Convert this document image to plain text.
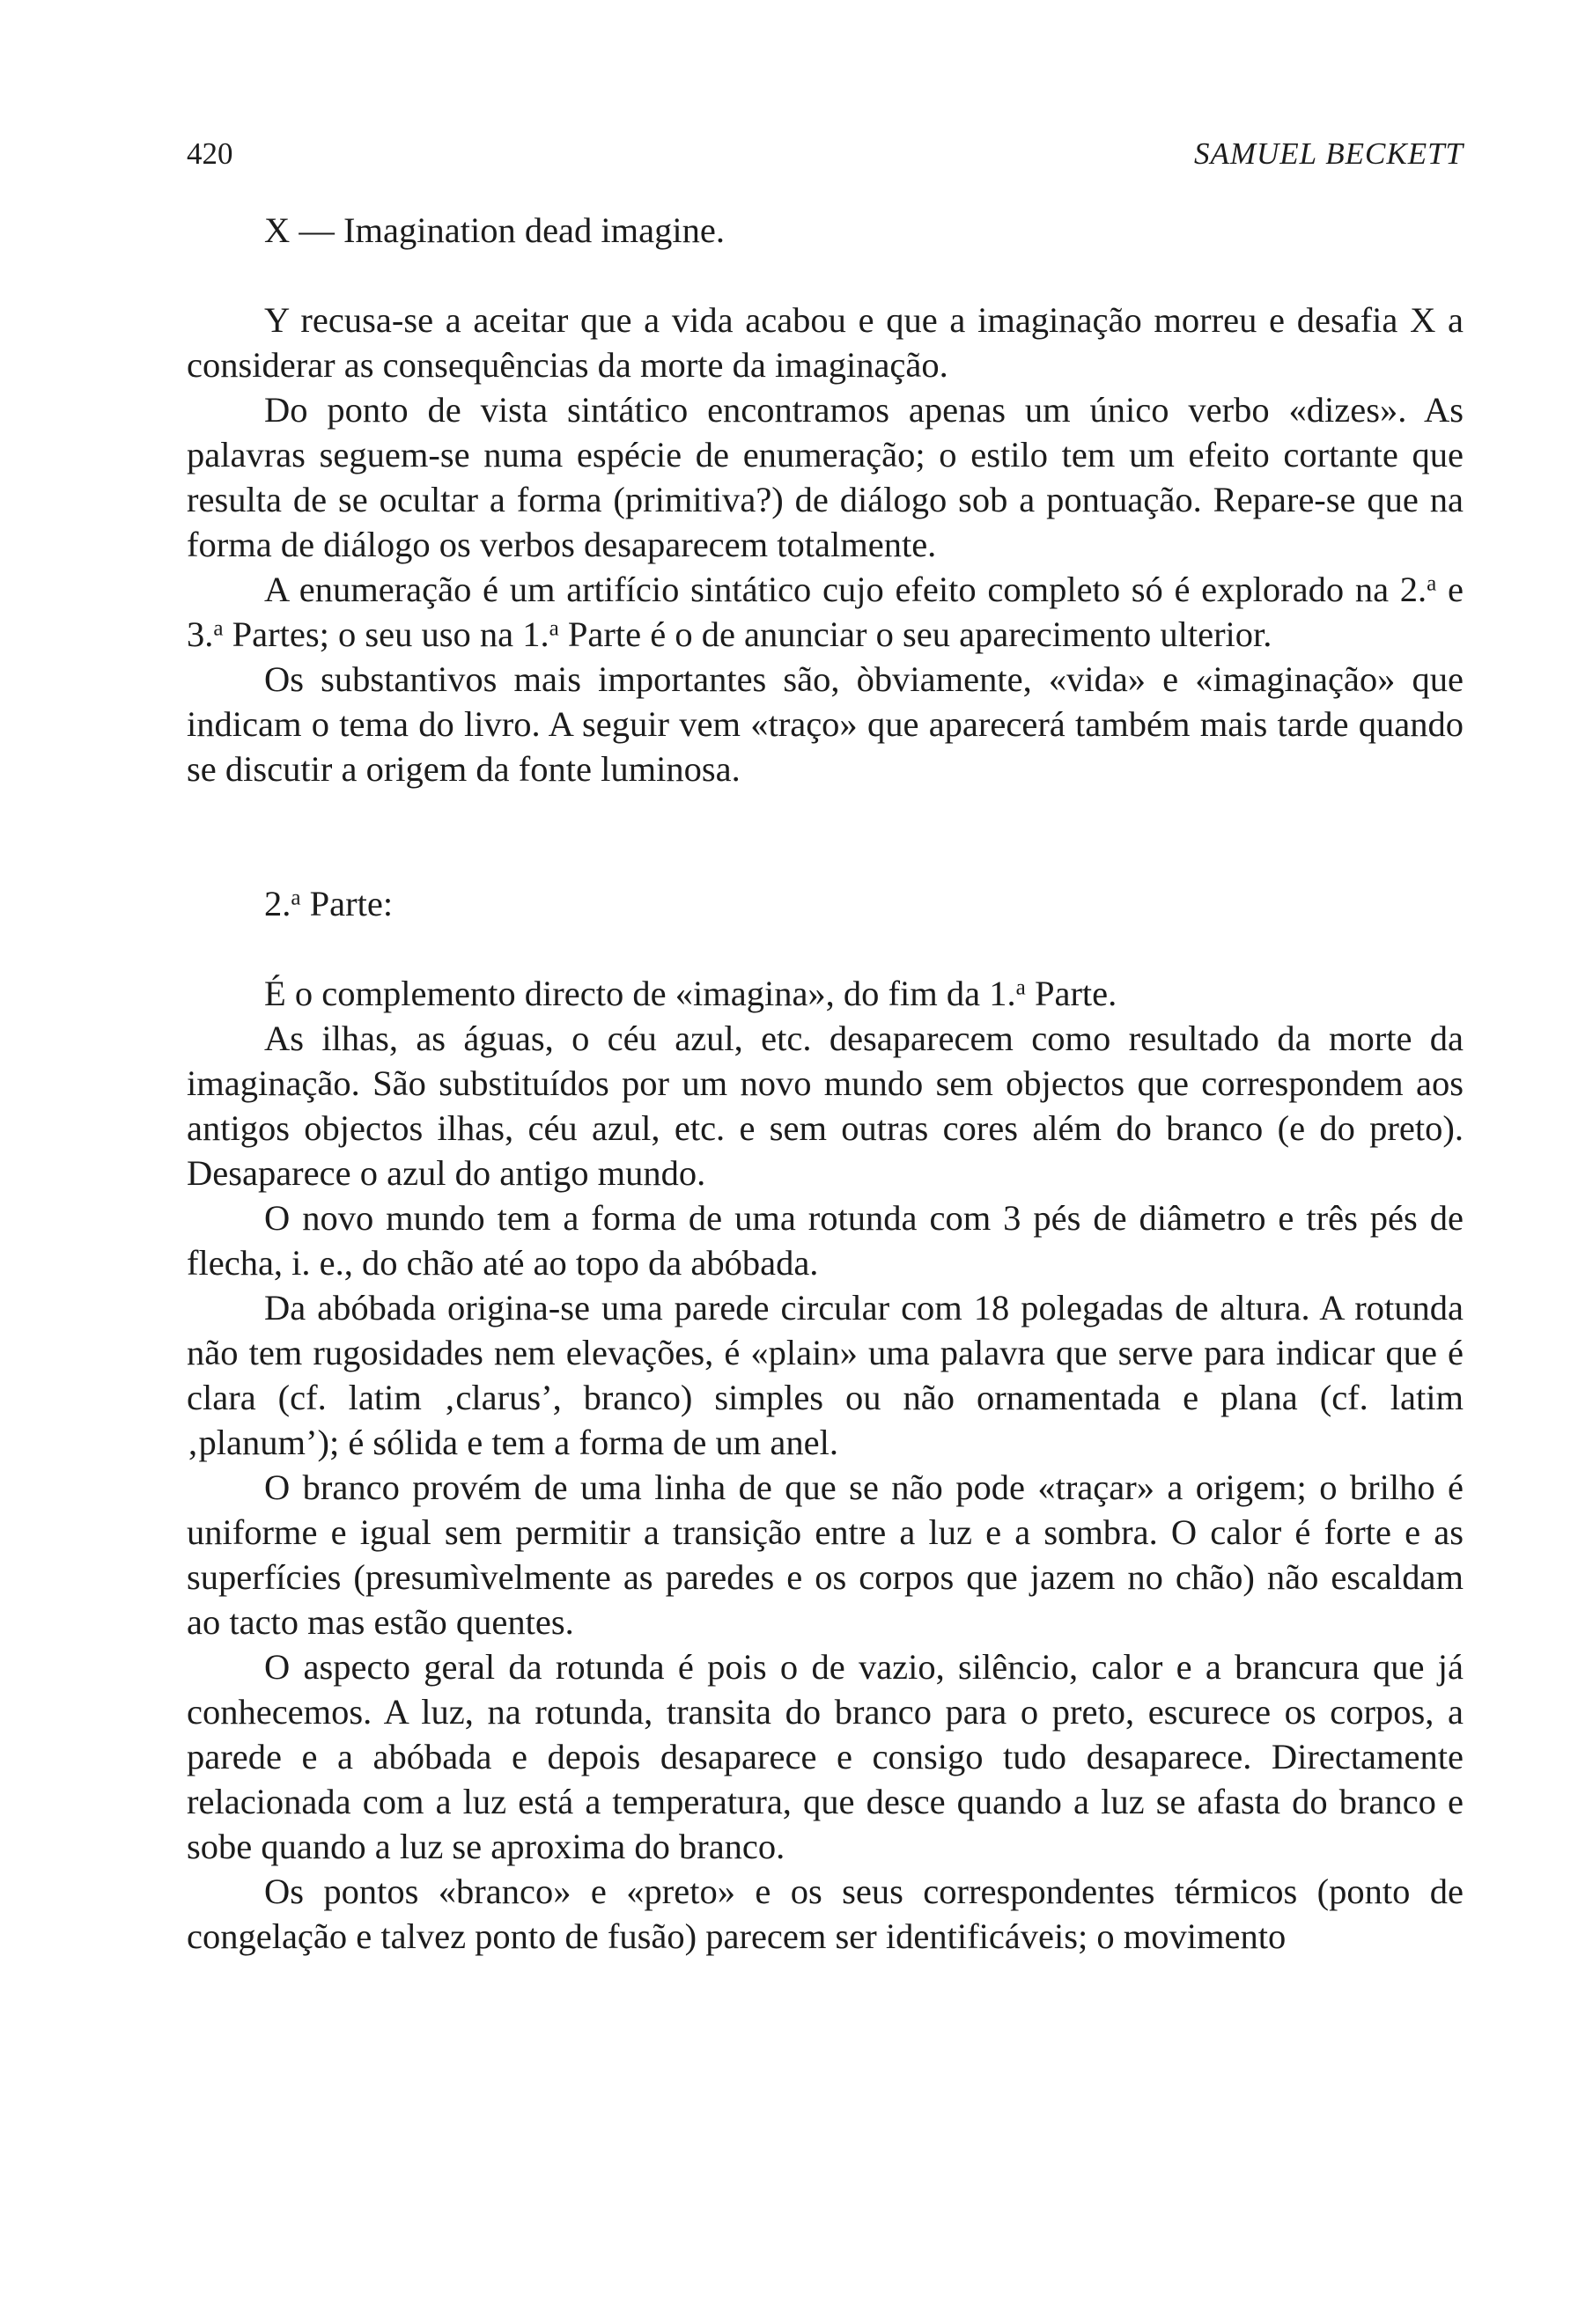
420	SAMUEL BECKETT

X — Imagination dead imagine.

Y recusa-se a aceitar que a vida acabou e que a imaginação morreu e desafia X a considerar as consequências da morte da imaginação.

Do ponto de vista sintático encontramos apenas um único verbo «dizes». As palavras seguem-se numa espécie de enumeração; o estilo tem um efeito cortante que resulta de se ocultar a forma (primitiva?) de diálogo sob a pontuação. Repare-se que na forma de diálogo os verbos desaparecem totalmente.

A enumeração é um artifício sintático cujo efeito completo só é explorado na 2.$^a$ e 3.$^a$ Partes; o seu uso na 1.$^a$ Parte é o de anunciar o seu aparecimento ulterior.

Os substantivos mais importantes são, òbviamente, «vida» e «imaginação» que indicam o tema do livro. A seguir vem «traço» que aparecerá também mais tarde quando se discutir a origem da fonte luminosa.

2.$^a$ Parte:

É o complemento directo de «imagina», do fim da 1.$^a$ Parte.

As ilhas, as águas, o céu azul, etc. desaparecem como resultado da morte da imaginação. São substituídos por um novo mundo sem objectos que correspondem aos antigos objectos ilhas, céu azul, etc. e sem outras cores além do branco (e do preto). Desaparece o azul do antigo mundo.

O novo mundo tem a forma de uma rotunda com 3 pés de diâmetro e três pés de flecha, i. e., do chão até ao topo da abóbada.

Da abóbada origina-se uma parede circular com 18 polegadas de altura. A rotunda não tem rugosidades nem elevações, é «plain» uma palavra que serve para indicar que é clara (cf. latim ‚clarus’, branco) simples ou não ornamentada e plana (cf. latim ‚planum’); é sólida e tem a forma de um anel.

O branco provém de uma linha de que se não pode «traçar» a origem; o brilho é uniforme e igual sem permitir a transição entre a luz e a sombra. O calor é forte e as superfícies (presumìvelmente as paredes e os corpos que jazem no chão) não escaldam ao tacto mas estão quentes.

O aspecto geral da rotunda é pois o de vazio, silêncio, calor e a brancura que já conhecemos. A luz, na rotunda, transita do branco para o preto, escurece os corpos, a parede e a abóbada e depois desaparece e consigo tudo desaparece. Directamente relacionada com a luz está a temperatura, que desce quando a luz se afasta do branco e sobe quando a luz se aproxima do branco.

Os pontos «branco» e «preto» e os seus correspondentes térmicos (ponto de congelação e talvez ponto de fusão) parecem ser identificáveis; o movimento
